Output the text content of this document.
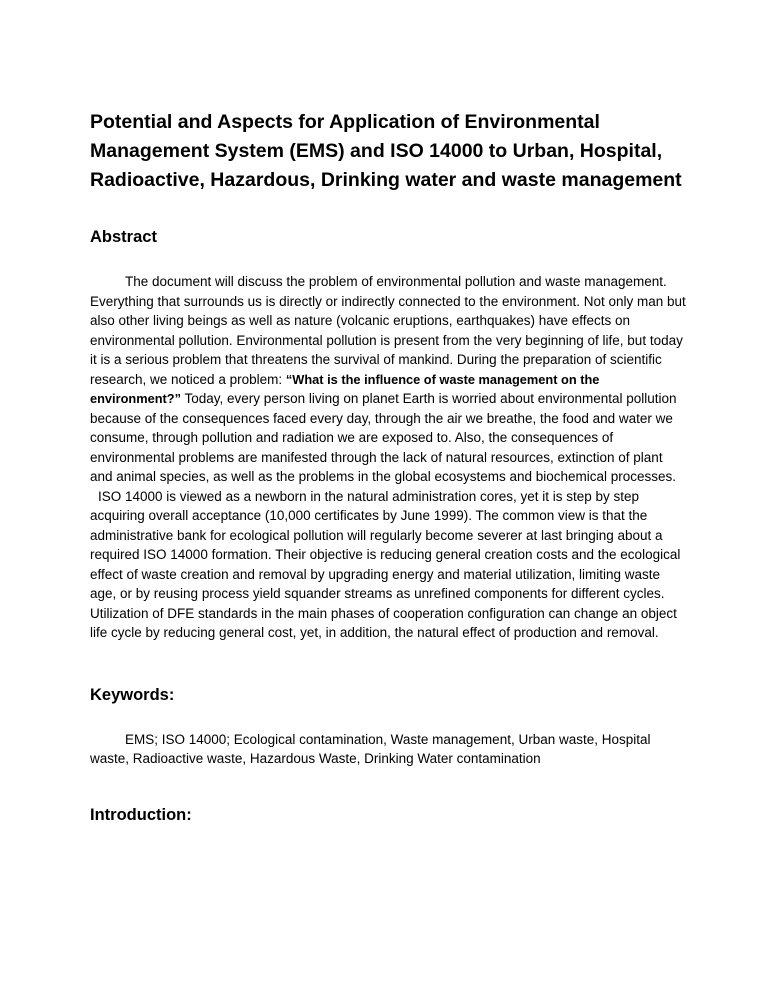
Potential and Aspects for Application of Environmental Management System (EMS) and ISO 14000 to Urban, Hospital, Radioactive, Hazardous, Drinking water and waste management
Abstract

The document will discuss the problem of environmental pollution and waste management. Everything that surrounds us is directly or indirectly connected to the environment. Not only man but also other living beings as well as nature (volcanic eruptions, earthquakes) have effects on environmental pollution. Environmental pollution is present from the very beginning of life, but today it is a serious problem that threatens the survival of mankind. During the preparation of scientific research, we noticed a problem: “What is the influence of waste management on the environment?” Today, every person living on planet Earth is worried about environmental pollution because of the consequences faced every day, through the air we breathe, the food and water we consume, through pollution and radiation we are exposed to. Also, the consequences of environmental problems are manifested through the lack of natural resources, extinction of plant and animal species, as well as the problems in the global ecosystems and biochemical processes.

ISO 14000 is viewed as a newborn in the natural administration cores, yet it is step by step acquiring overall acceptance (10,000 certificates by June 1999). The common view is that the administrative bank for ecological pollution will regularly become severer at last bringing about a required ISO 14000 formation. Their objective is reducing general creation costs and the ecological effect of waste creation and removal by upgrading energy and material utilization, limiting waste age, or by reusing process yield squander streams as unrefined components for different cycles. Utilization of DFE standards in the main phases of cooperation configuration can change an object life cycle by reducing general cost, yet, in addition, the natural effect of production and removal.

Keywords:

EMS; ISO 14000; Ecological contamination, Waste management, Urban waste, Hospital waste, Radioactive waste, Hazardous Waste, Drinking Water contamination

Introduction:
